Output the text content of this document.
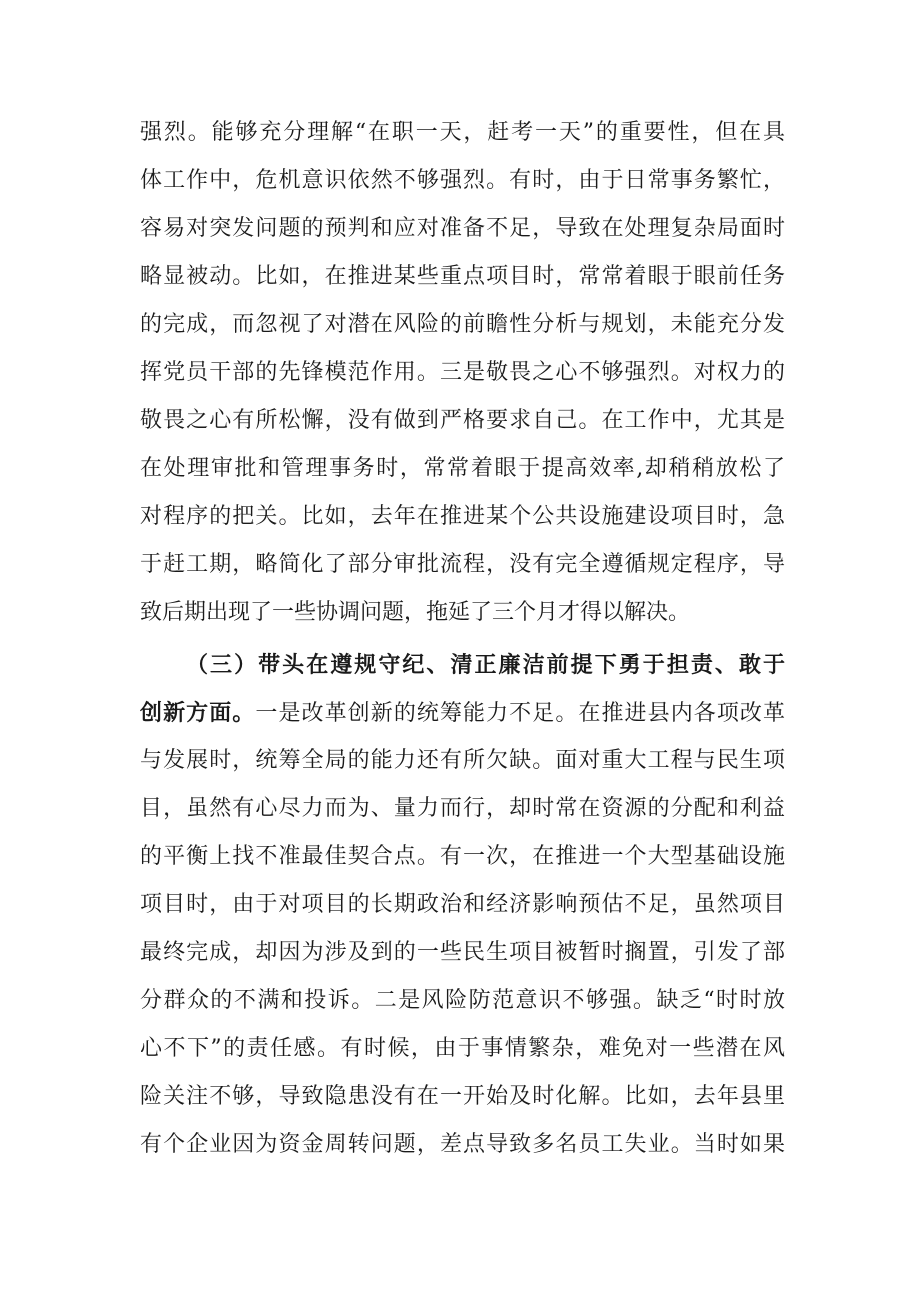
强烈。能够充分理解“在职一天，赶考一天”的重要性，但在具
体工作中，危机意识依然不够强烈。有时，由于日常事务繁忙，
容易对突发问题的预判和应对准备不足，导致在处理复杂局面时
略显被动。比如，在推进某些重点项目时，常常着眼于眼前任务
的完成，而忽视了对潜在风险的前瞻性分析与规划，未能充分发
挥党员干部的先锋模范作用。三是敬畏之心不够强烈。对权力的
敬畏之心有所松懈，没有做到严格要求自己。在工作中，尤其是
在处理审批和管理事务时，常常着眼于提高效率,却稍稍放松了
对程序的把关。比如，去年在推进某个公共设施建设项目时，急
于赶工期，略简化了部分审批流程，没有完全遵循规定程序，导
致后期出现了一些协调问题，拖延了三个月才得以解决。
（三）带头在遵规守纪、清正廉洁前提下勇于担责、敢于
创新方面。一是改革创新的统筹能力不足。在推进县内各项改革
与发展时，统筹全局的能力还有所欠缺。面对重大工程与民生项
目，虽然有心尽力而为、量力而行，却时常在资源的分配和利益
的平衡上找不准最佳契合点。有一次，在推进一个大型基础设施
项目时，由于对项目的长期政治和经济影响预估不足，虽然项目
最终完成，却因为涉及到的一些民生项目被暂时搁置，引发了部
分群众的不满和投诉。二是风险防范意识不够强。缺乏“时时放
心不下”的责任感。有时候，由于事情繁杂，难免对一些潜在风
险关注不够，导致隐患没有在一开始及时化解。比如，去年县里
有个企业因为资金周转问题，差点导致多名员工失业。当时如果
